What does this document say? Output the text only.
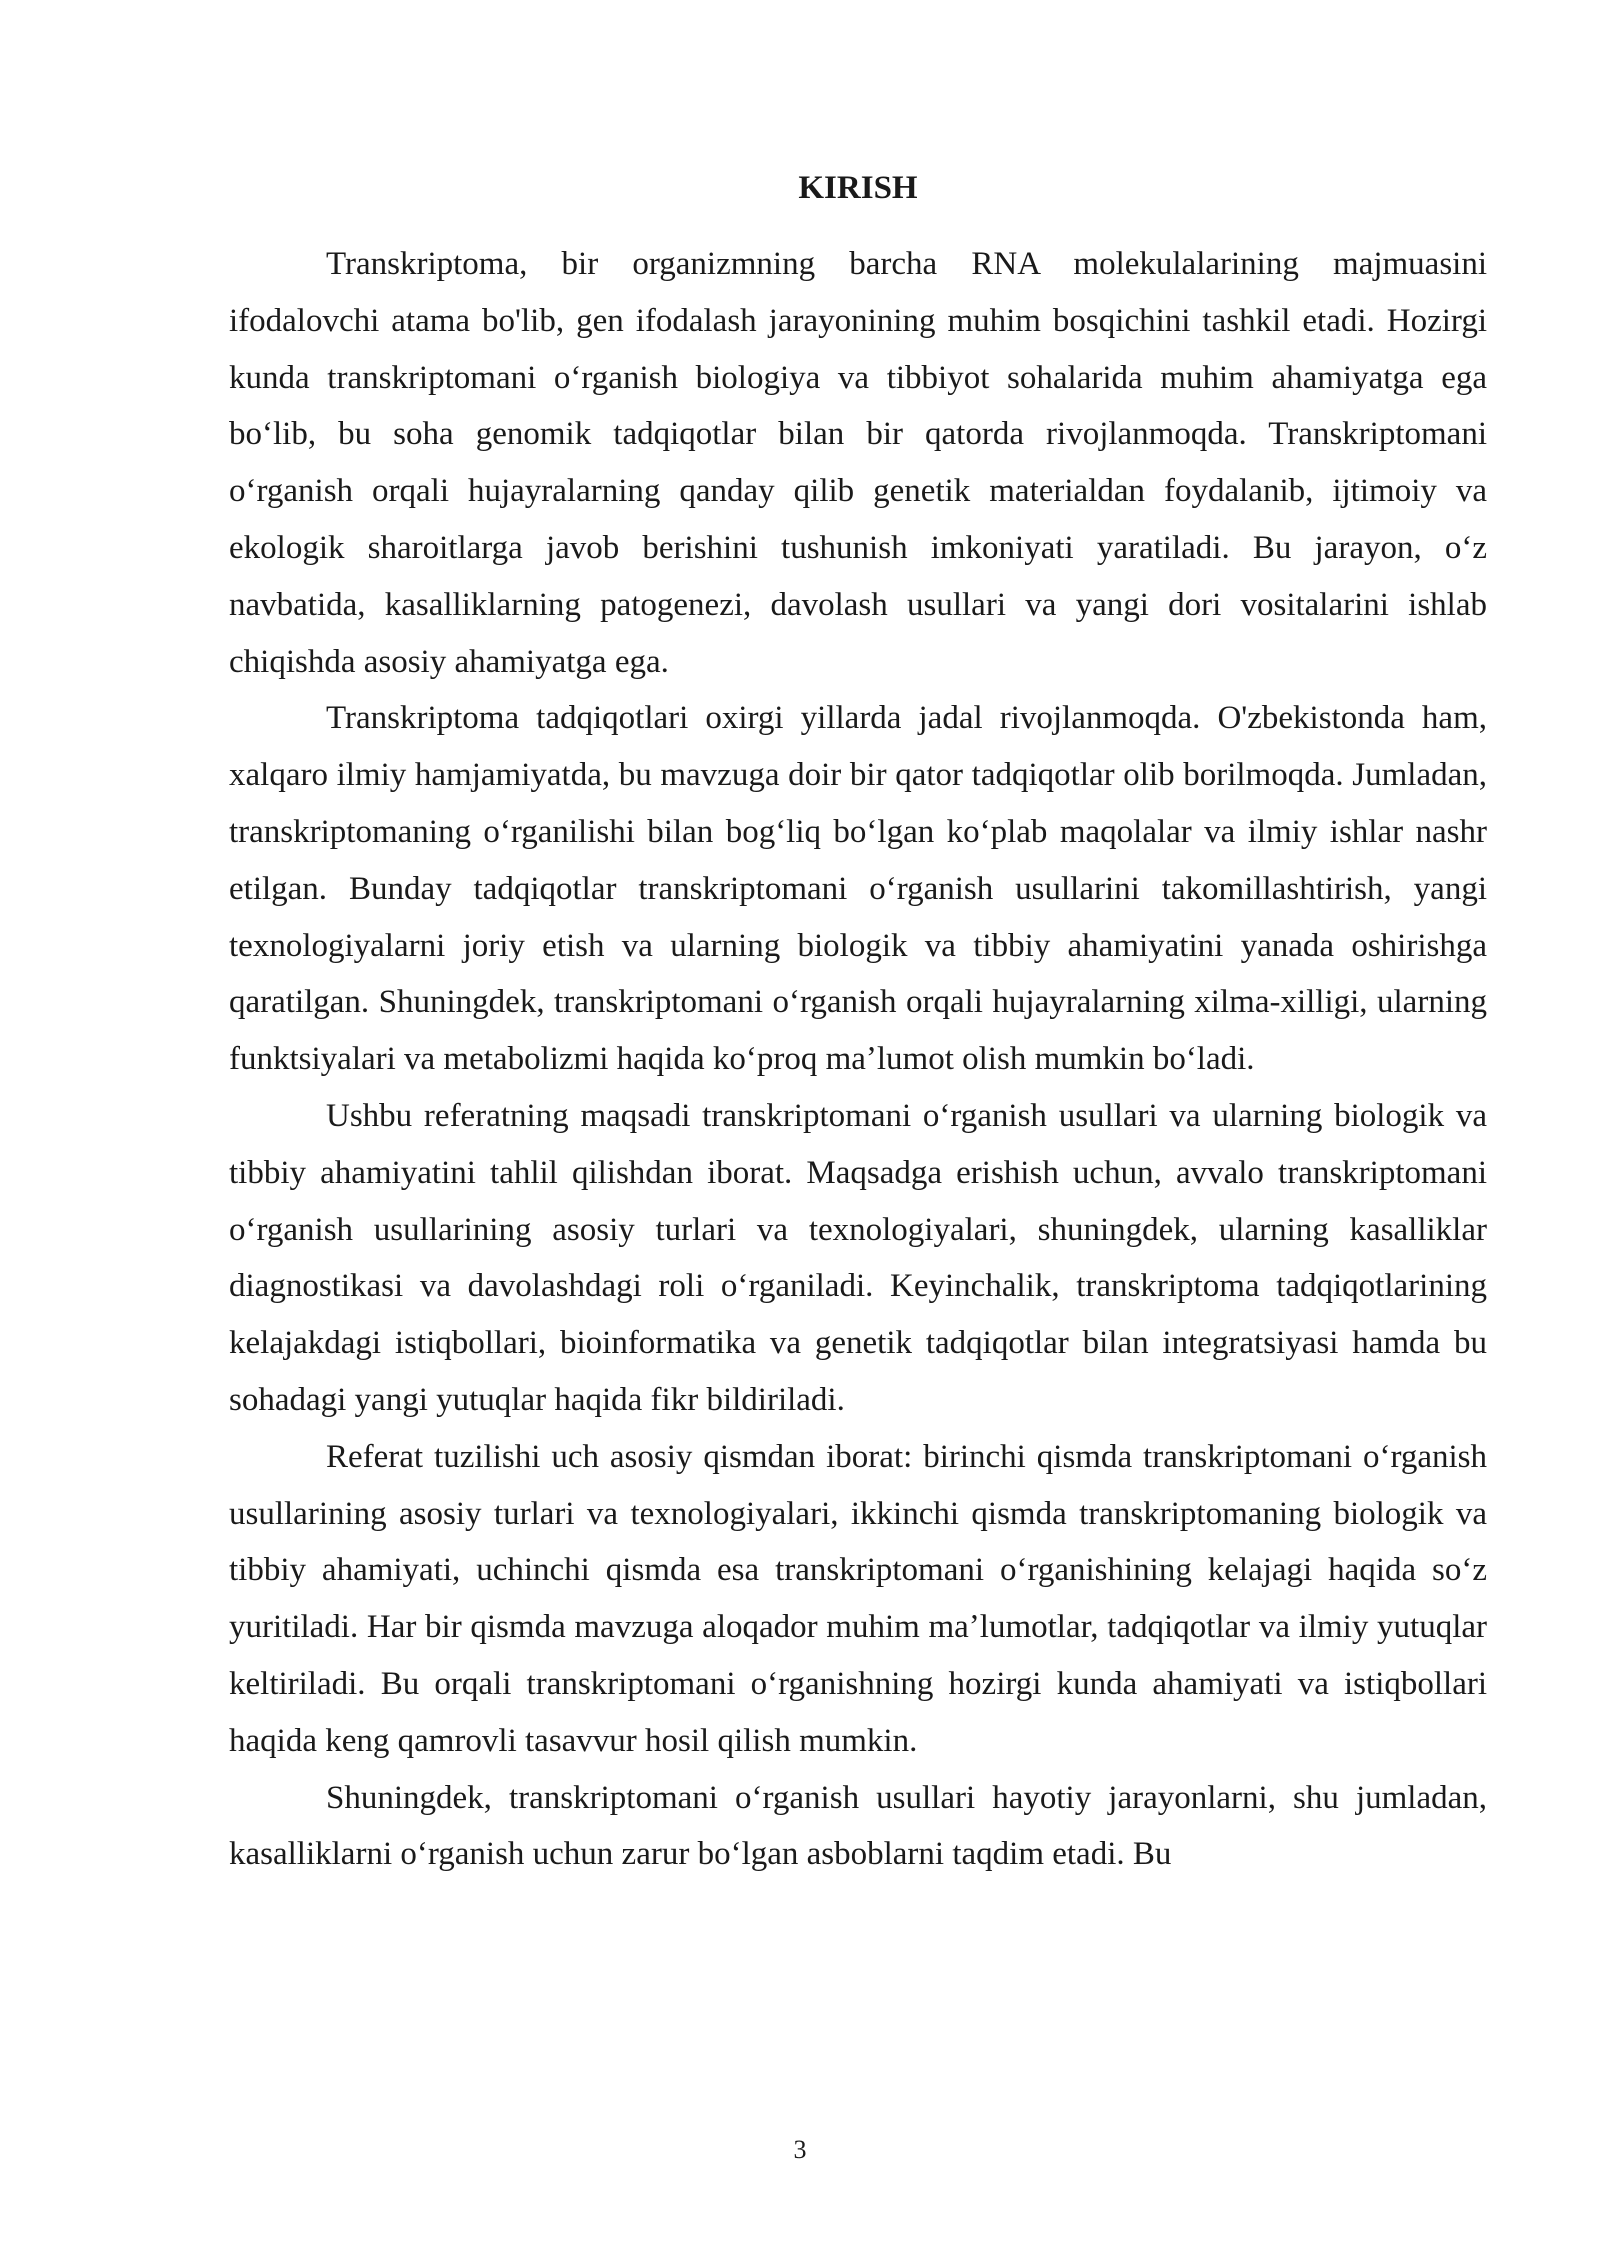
KIRISH

Transkriptoma, bir organizmning barcha RNA molekulalarining majmuasini ifodalovchi atama bo'lib, gen ifodalash jarayonining muhim bosqichini tashkil etadi. Hozirgi kunda transkriptomani oʻrganish biologiya va tibbiyot sohalarida muhim ahamiyatga ega boʻlib, bu soha genomik tadqiqotlar bilan bir qatorda rivojlanmoqda. Transkriptomani oʻrganish orqali hujayralarning qanday qilib genetik materialdan foydalanib, ijtimoiy va ekologik sharoitlarga javob berishini tushunish imkoniyati yaratiladi. Bu jarayon, oʻz navbatida, kasalliklarning patogenezi, davolash usullari va yangi dori vositalarini ishlab chiqishda asosiy ahamiyatga ega.

Transkriptoma tadqiqotlari oxirgi yillarda jadal rivojlanmoqda. O'zbekistonda ham, xalqaro ilmiy hamjamiyatda, bu mavzuga doir bir qator tadqiqotlar olib borilmoqda. Jumladan, transkriptomaning oʻrganilishi bilan bogʻliq boʻlgan koʻplab maqolalar va ilmiy ishlar nashr etilgan. Bunday tadqiqotlar transkriptomani oʻrganish usullarini takomillashtirish, yangi texnologiyalarni joriy etish va ularning biologik va tibbiy ahamiyatini yanada oshirishga qaratilgan. Shuningdek, transkriptomani oʻrganish orqali hujayralarning xilma-xilligi, ularning funktsiyalari va metabolizmi haqida koʻproq maʼlumot olish mumkin boʻladi.

Ushbu referatning maqsadi transkriptomani oʻrganish usullari va ularning biologik va tibbiy ahamiyatini tahlil qilishdan iborat. Maqsadga erishish uchun, avvalo transkriptomani oʻrganish usullarining asosiy turlari va texnologiyalari, shuningdek, ularning kasalliklar diagnostikasi va davolashdagi roli oʻrganiladi. Keyinchalik, transkriptoma tadqiqotlarining kelajakdagi istiqbollari, bioinformatika va genetik tadqiqotlar bilan integratsiyasi hamda bu sohadagi yangi yutuqlar haqida fikr bildiriladi.

Referat tuzilishi uch asosiy qismdan iborat: birinchi qismda transkriptomani oʻrganish usullarining asosiy turlari va texnologiyalari, ikkinchi qismda transkriptomaning biologik va tibbiy ahamiyati, uchinchi qismda esa transkriptomani oʻrganishining kelajagi haqida soʻz yuritiladi. Har bir qismda mavzuga aloqador muhim maʼlumotlar, tadqiqotlar va ilmiy yutuqlar keltiriladi. Bu orqali transkriptomani oʻrganishning hozirgi kunda ahamiyati va istiqbollari haqida keng qamrovli tasavvur hosil qilish mumkin.

Shuningdek, transkriptomani oʻrganish usullari hayotiy jarayonlarni, shu jumladan, kasalliklarni oʻrganish uchun zarur boʻlgan asboblarni taqdim etadi. Bu

3
